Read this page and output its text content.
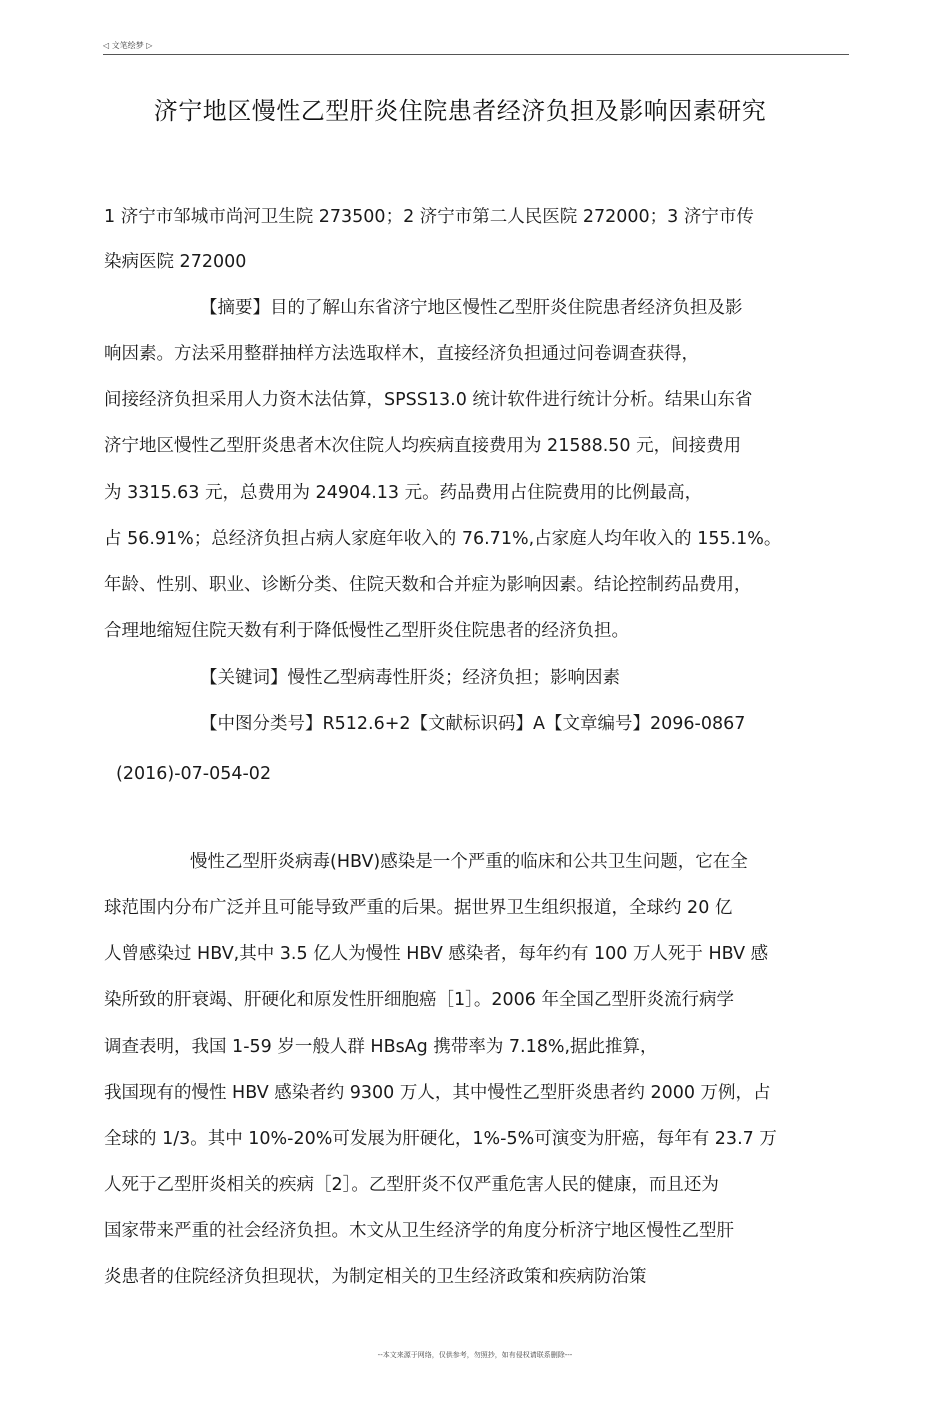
◁ 文笔绘梦 ▷
济宁地区慢性乙型肝炎住院患者经济负担及影响因素研究
1 济宁市邹城市尚河卫生院 273500；2 济宁市第二人民医院 272000；3 济宁市传
染病医院 272000
【摘要】目的了解山东省济宁地区慢性乙型肝炎住院患者经济负担及影
响因素。方法采用整群抽样方法选取样木，直接经济负担通过问卷调查获得，
间接经济负担采用人力资木法估算，SPSS13.0 统计软件进行统计分析。结果山东省
济宁地区慢性乙型肝炎患者木次住院人均疾病直接费用为 21588.50 元，间接费用
为 3315.63 元，总费用为 24904.13 元。药品费用占住院费用的比例最高，
占 56.91%；总经济负担占病人家庭年收入的 76.71%,占家庭人均年收入的 155.1%。
年龄、性别、职业、诊断分类、住院天数和合并症为影响因素。结论控制药品费用，
合理地缩短住院天数有利于降低慢性乙型肝炎住院患者的经济负担。
【关键词】慢性乙型病毒性肝炎；经济负担；影响因素
【中图分类号】R512.6+2【文献标识码】A【文章编号】2096-0867
(2016)-07-054-02
慢性乙型肝炎病毒(HBV)感染是一个严重的临床和公共卫生问题，它在全
球范围内分布广泛并且可能导致严重的后果。据世界卫生组织报道，全球约 20 亿
人曾感染过 HBV,其中 3.5 亿人为慢性 HBV 感染者，每年约有 100 万人死于 HBV 感
染所致的肝衰竭、肝硬化和原发性肝细胞癌［1］。2006 年全国乙型肝炎流行病学
调查表明，我国 1-59 岁一般人群 HBsAg 携带率为 7.18%,据此推算，
我国现有的慢性 HBV 感染者约 9300 万人，其中慢性乙型肝炎患者约 2000 万例，占
全球的 1/3。其中 10%-20%可发展为肝硬化，1%-5%可演变为肝癌，每年有 23.7 万
人死于乙型肝炎相关的疾病［2］。乙型肝炎不仅严重危害人民的健康，而且还为
国家带来严重的社会经济负担。木文从卫生经济学的角度分析济宁地区慢性乙型肝
炎患者的住院经济负担现状，为制定相关的卫生经济政策和疾病防治策
--本文来源于网络，仅供参考，勿照抄，如有侵权请联系删除---
